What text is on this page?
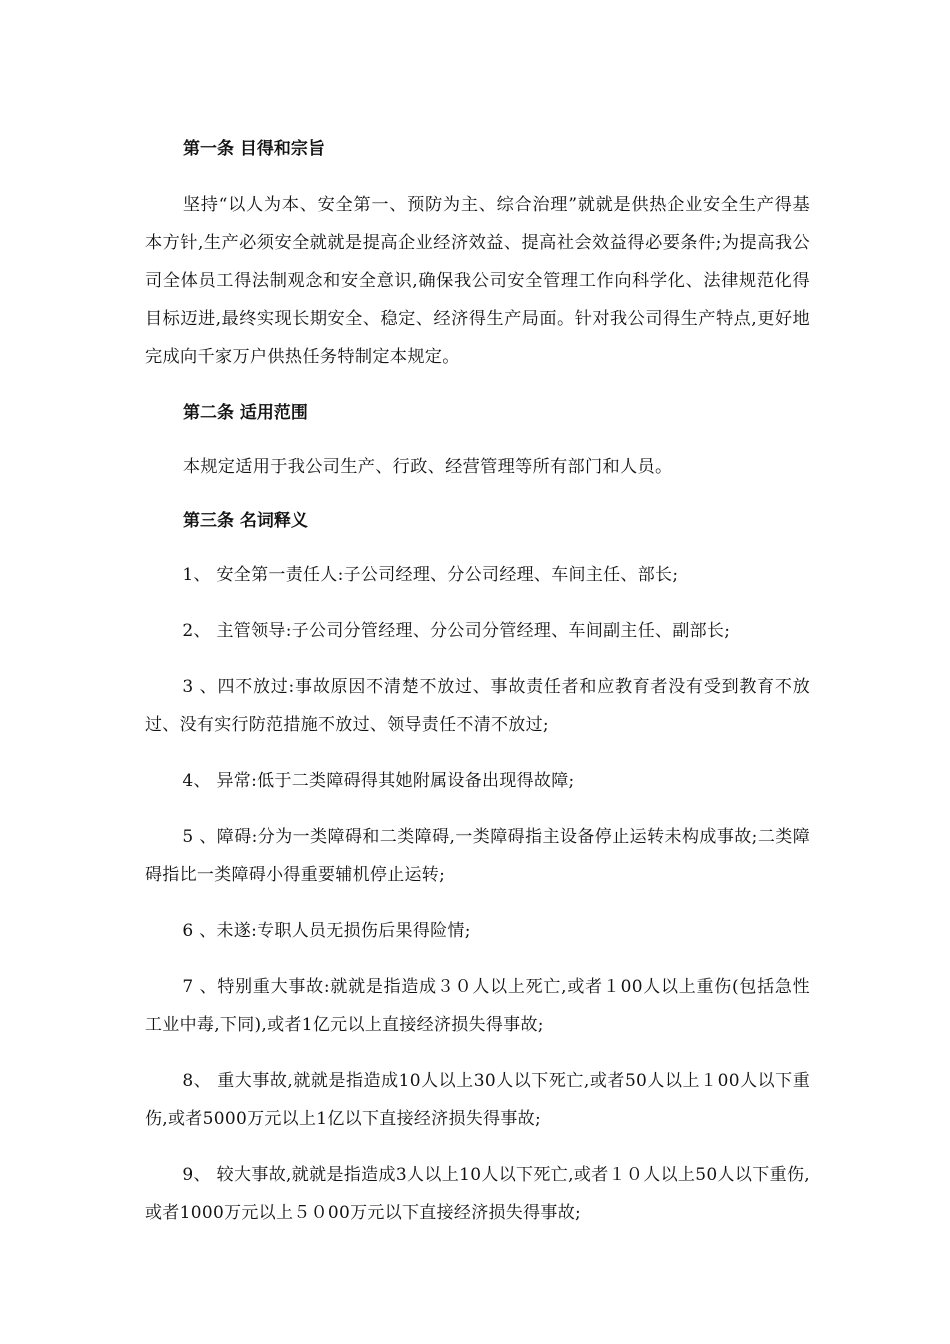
第一条 目得和宗旨

坚持“以人为本、安全第一、预防为主、综合治理”就就是供热企业安全生产得基本方针,生产必须安全就就是提高企业经济效益、提高社会效益得必要条件;为提高我公司全体员工得法制观念和安全意识,确保我公司安全管理工作向科学化、法律规范化得目标迈进,最终实现长期安全、稳定、经济得生产局面。针对我公司得生产特点,更好地完成向千家万户供热任务特制定本规定。

第二条 适用范围

本规定适用于我公司生产、行政、经营管理等所有部门和人员。

第三条 名词释义

1、 安全第一责任人:子公司经理、分公司经理、车间主任、部长;

2、 主管领导:子公司分管经理、分公司分管经理、车间副主任、副部长;

3 、四不放过:事故原因不清楚不放过、事故责任者和应教育者没有受到教育不放过、没有实行防范措施不放过、领导责任不清不放过;

4、 异常:低于二类障碍得其她附属设备出现得故障;

5 、障碍:分为一类障碍和二类障碍,一类障碍指主设备停止运转未构成事故;二类障碍指比一类障碍小得重要辅机停止运转;

6 、未遂:专职人员无损伤后果得险情;

7 、特别重大事故:就就是指造成３０人以上死亡,或者１00人以上重伤(包括急性工业中毒,下同),或者1亿元以上直接经济损失得事故;

8、 重大事故,就就是指造成10人以上30人以下死亡,或者50人以上１00人以下重伤,或者5000万元以上1亿以下直接经济损失得事故;

9、 较大事故,就就是指造成3人以上10人以下死亡,或者１０人以上50人以下重伤,或者1000万元以上５０00万元以下直接经济损失得事故;
